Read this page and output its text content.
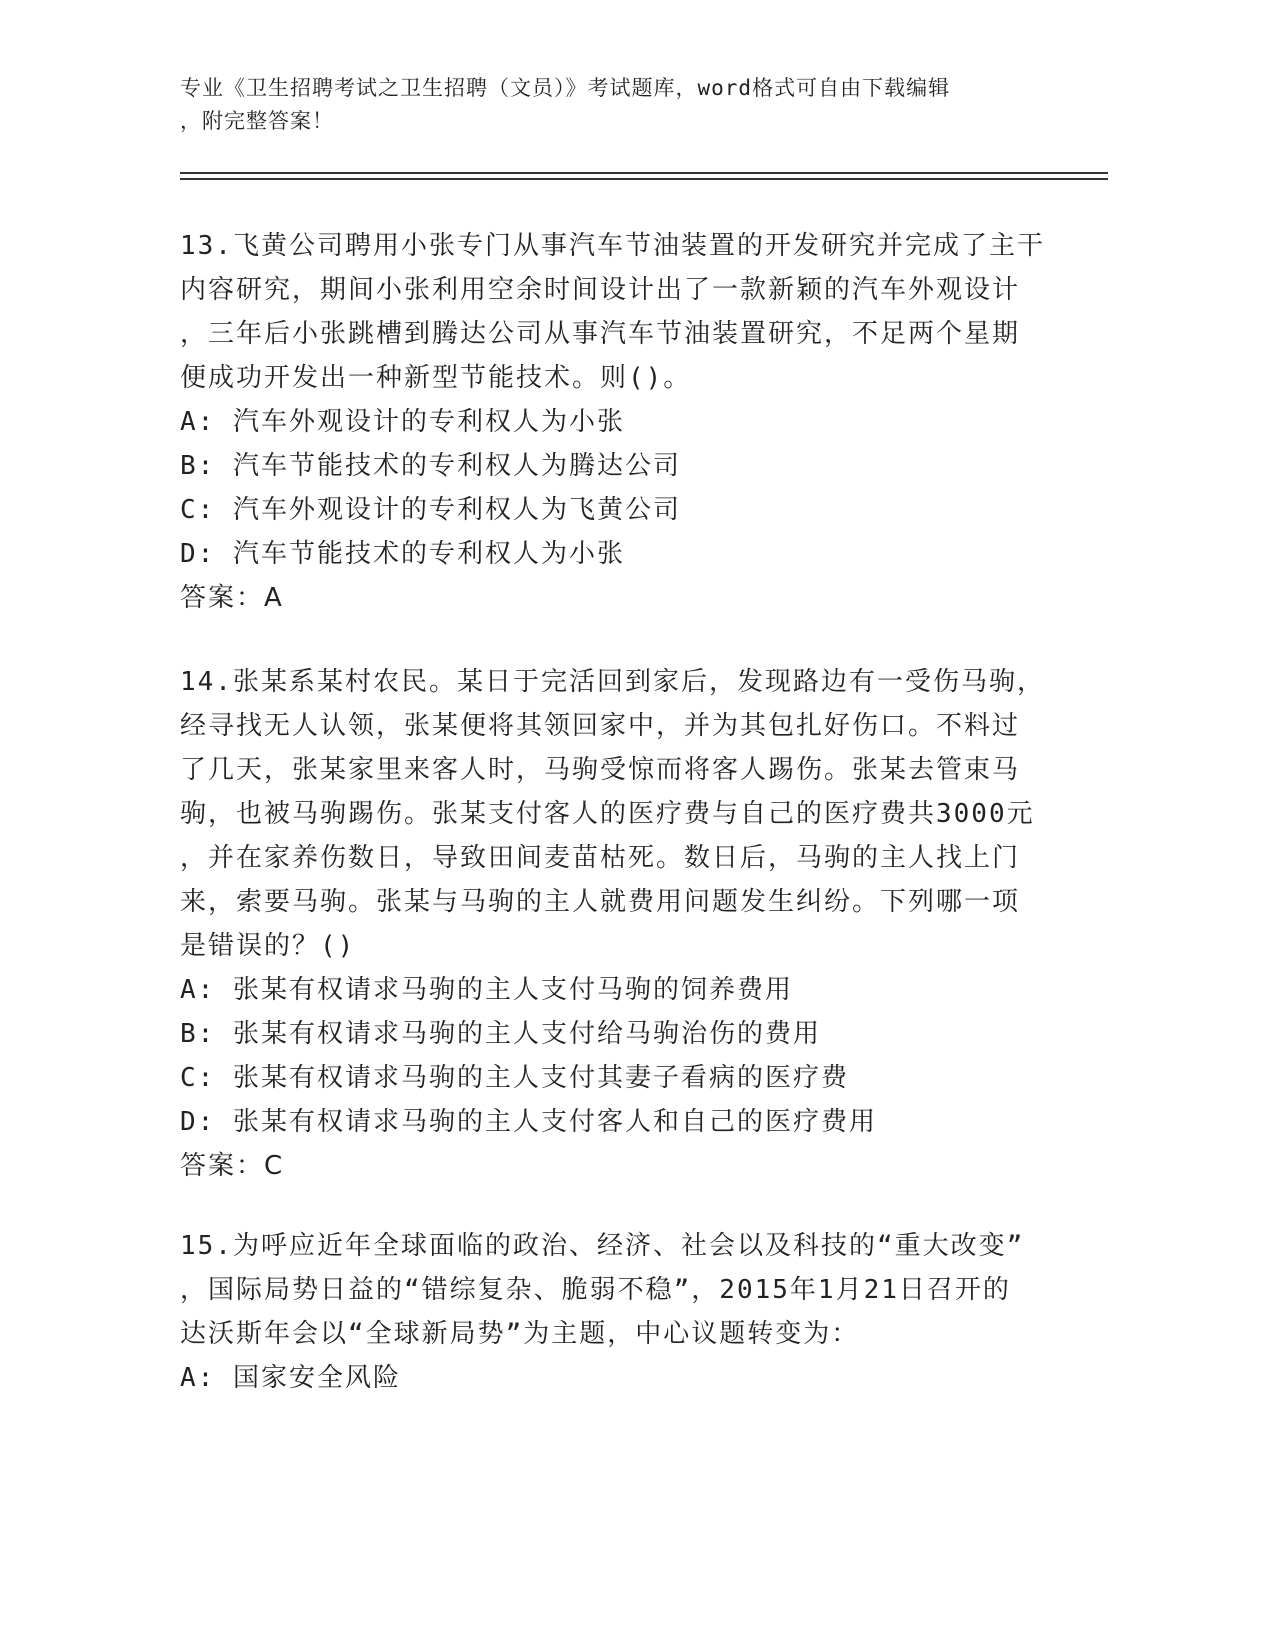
专业《卫生招聘考试之卫生招聘（文员）》考试题库，word格式可自由下载编辑
，附完整答案！
13.飞黄公司聘用小张专门从事汽车节油装置的开发研究并完成了主干
内容研究，期间小张利用空余时间设计出了一款新颖的汽车外观设计
，三年后小张跳槽到腾达公司从事汽车节油装置研究，不足两个星期
便成功开发出一种新型节能技术。则()。
A: 汽车外观设计的专利权人为小张
B: 汽车节能技术的专利权人为腾达公司
C: 汽车外观设计的专利权人为飞黄公司
D: 汽车节能技术的专利权人为小张
答案：A
14.张某系某村农民。某日于完活回到家后，发现路边有一受伤马驹，
经寻找无人认领，张某便将其领回家中，并为其包扎好伤口。不料过
了几天，张某家里来客人时，马驹受惊而将客人踢伤。张某去管束马
驹，也被马驹踢伤。张某支付客人的医疗费与自己的医疗费共3000元
，并在家养伤数日，导致田间麦苗枯死。数日后，马驹的主人找上门
来，索要马驹。张某与马驹的主人就费用问题发生纠纷。下列哪一项
是错误的？()
A: 张某有权请求马驹的主人支付马驹的饲养费用
B: 张某有权请求马驹的主人支付给马驹治伤的费用
C: 张某有权请求马驹的主人支付其妻子看病的医疗费
D: 张某有权请求马驹的主人支付客人和自己的医疗费用
答案：C
15.为呼应近年全球面临的政治、经济、社会以及科技的“重大改变”
，国际局势日益的“错综复杂、脆弱不稳”，2015年1月21日召开的
达沃斯年会以“全球新局势”为主题，中心议题转变为：
A: 国家安全风险
